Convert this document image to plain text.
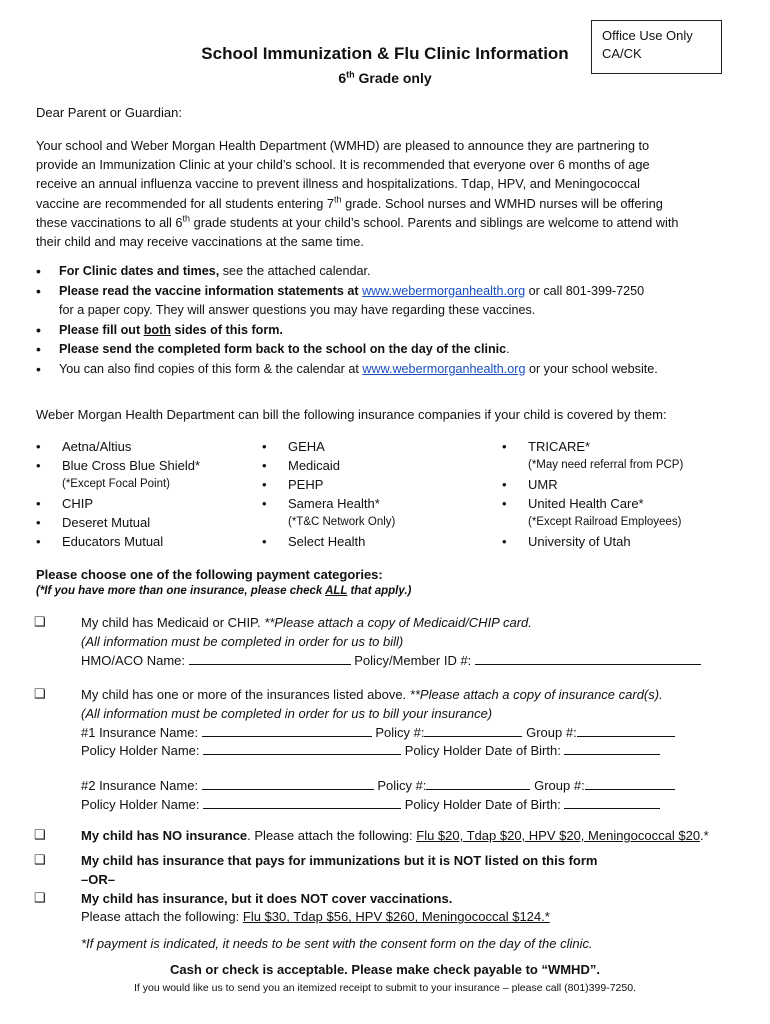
Office Use Only
CA/CK
School Immunization & Flu Clinic Information
6th Grade only
Dear Parent or Guardian:
Your school and Weber Morgan Health Department (WMHD) are pleased to announce they are partnering to
provide an Immunization Clinic at your child’s school. It is recommended that everyone over 6 months of age
receive an annual influenza vaccine to prevent illness and hospitalizations. Tdap, HPV, and Meningococcal
vaccine are recommended for all students entering 7th grade. School nurses and WMHD nurses will be offering
these vaccinations to all 6th grade students at your child’s school. Parents and siblings are welcome to attend with
their child and may receive vaccinations at the same time.
• For Clinic dates and times, see the attached calendar.
• Please read the vaccine information statements at www.webermorganhealth.org or call 801-399-7250
for a paper copy. They will answer questions you may have regarding these vaccines.
• Please fill out both sides of this form.
• Please send the completed form back to the school on the day of the clinic.
• You can also find copies of this form & the calendar at www.webermorganhealth.org or your school website.
Weber Morgan Health Department can bill the following insurance companies if your child is covered by them:
• Aetna/Altius
• Blue Cross Blue Shield*
(*Except Focal Point)
• CHIP
• Deseret Mutual
• Educators Mutual
• GEHA
• Medicaid
• PEHP
• Samera Health*
(*T&C Network Only)
• Select Health
• TRICARE*
(*May need referral from PCP)
• UMR
• United Health Care*
(*Except Railroad Employees)
• University of Utah
Please choose one of the following payment categories:
(*If you have more than one insurance, please check ALL that apply.)
❑	My child has Medicaid or CHIP. **Please attach a copy of Medicaid/CHIP card.
(All information must be completed in order for us to bill)
HMO/ACO Name:	Policy/Member ID #:
❑	My child has one or more of the insurances listed above. **Please attach a copy of insurance card(s).
(All information must be completed in order for us to bill your insurance)
#1 Insurance Name:	Policy #:	Group #:
Policy Holder Name:	Policy Holder Date of Birth:
#2 Insurance Name:	Policy #:	Group #:
Policy Holder Name:	Policy Holder Date of Birth:
❑	My child has NO insurance. Please attach the following: Flu $20, Tdap $20, HPV $20, Meningococcal $20.*
❑
❑
My child has insurance that pays for immunizations but it is NOT listed on this form
–OR–
My child has insurance, but it does NOT cover vaccinations.
Please attach the following: Flu $30, Tdap $56, HPV $260, Meningococcal $124.*
*If payment is indicated, it needs to be sent with the consent form on the day of the clinic.
Cash or check is acceptable. Please make check payable to “WMHD”.
If you would like us to send you an itemized receipt to submit to your insurance – please call (801)399-7250.
